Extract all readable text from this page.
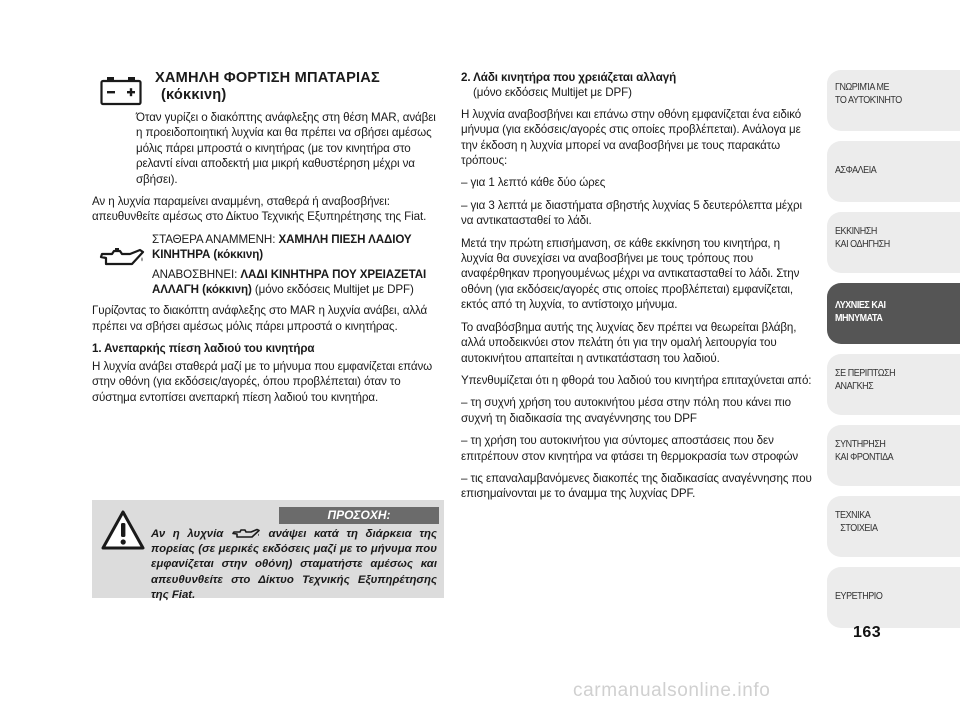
ΧΑΜΗΛΗ ΦΟΡΤΙΣΗ ΜΠΑΤΑΡΙΑΣ
(κόκκινη)

Όταν γυρίζει ο διακόπτης ανάφλεξης στη θέση MAR, ανάβει η προειδοποιητική λυχνία και θα πρέπει να σβήσει αμέσως μόλις πάρει μπροστά ο κινητήρας (με τον κινητήρα στο ρελαντί είναι αποδεκτή μια μικρή καθυστέρηση μέχρι να σβήσει).

Αν η λυχνία παραμείνει αναμμένη, σταθερά ή αναβοσβήνει: απευθυνθείτε αμέσως στο Δίκτυο Τεχνικής Εξυπηρέτησης της Fiat.

ΣΤΑΘΕΡΑ ΑΝΑΜΜΕΝΗ: ΧΑΜΗΛΗ ΠΙΕΣΗ ΛΑΔΙΟΥ ΚΙΝΗΤΗΡΑ (κόκκινη)

ΑΝΑΒΟΣΒΗΝΕΙ: ΛΑΔΙ ΚΙΝΗΤΗΡΑ ΠΟΥ ΧΡΕΙΑΖΕΤΑΙ ΑΛΛΑΓΗ (κόκκινη) (μόνο εκδόσεις Multijet με DPF)

Γυρίζοντας το διακόπτη ανάφλεξης στο MAR η λυχνία ανάβει, αλλά πρέπει να σβήσει αμέσως μόλις πάρει μπροστά ο κινητήρας.

1. Ανεπαρκής πίεση λαδιού του κινητήρα

Η λυχνία ανάβει σταθερά μαζί με το μήνυμα που εμφανίζεται επάνω στην οθόνη (για εκδόσεις/αγορές, όπου προβλέπεται) όταν το σύστημα εντοπίσει ανεπαρκή πίεση λαδιού του κινητήρα.

ΠΡΟΣΟΧΗ:
Αν η λυχνία	ανάψει κατά τη διάρκεια της πορείας (σε μερικές εκδόσεις μαζί με το μήνυμα που εμφανίζεται στην οθόνη) σταματήστε αμέσως και απευθυνθείτε στο Δίκτυο Τεχνικής Εξυπηρέτησης της Fiat.

2. Λάδι κινητήρα που χρειάζεται αλλαγή

(μόνο εκδόσεις Multijet με DPF)

Η λυχνία αναβοσβήνει και επάνω στην οθόνη εμφανίζεται ένα ειδικό μήνυμα (για εκδόσεις/αγορές στις οποίες προβλέπεται). Ανάλογα με την έκδοση η λυχνία μπορεί να αναβοσβήνει με τους παρακάτω τρόπους:

– για 1 λεπτό κάθε δύο ώρες

– για 3 λεπτά με διαστήματα σβηστής λυχνίας 5 δευτερόλεπτα μέχρι να αντικατασταθεί το λάδι.

Μετά την πρώτη επισήμανση, σε κάθε εκκίνηση του κινητήρα, η λυχνία θα συνεχίσει να αναβοσβήνει με τους τρόπους που αναφέρθηκαν προηγουμένως μέχρι να αντικατασταθεί το λάδι. Στην οθόνη (για εκδόσεις/αγορές στις οποίες προβλέπεται) εμφανίζεται, εκτός από τη λυχνία, το αντίστοιχο μήνυμα.

Το αναβόσβημα αυτής της λυχνίας δεν πρέπει να θεωρείται βλάβη, αλλά υποδεικνύει στον πελάτη ότι για την ομαλή λειτουργία του αυτοκινήτου απαιτείται η αντικατάσταση του λαδιού.

Υπενθυμίζεται ότι η φθορά του λαδιού του κινητήρα επιταχύνεται από:

– τη συχνή χρήση του αυτοκινήτου μέσα στην πόλη που κάνει πιο συχνή τη διαδικασία της αναγέννησης του DPF

– τη χρήση του αυτοκινήτου για σύντομες αποστάσεις που δεν επιτρέπουν στον κινητήρα να φτάσει τη θερμοκρασία των στροφών

– τις επαναλαμβανόμενες διακοπές της διαδικασίας αναγέννησης που επισημαίνονται με το άναμμα της λυχνίας DPF.

ΓΝΩΡΙΜΊΑ ΜΕ
ΤΟ ΑΥΤΟΚΊΝΗΤΟ
ΑΣΦΑΛΕΙΑ
ΕΚΚΙΝΗΣΗ
ΚΑΙ ΟΔΗΓΗΣΗ
ΛΥΧΝΙΕΣ ΚΑΙ
ΜΗΝΥΜΑΤΑ
ΣΕ ΠΕΡΙΠΤΩΣΗ
ΑΝΑΓΚΗΣ
ΣΥΝΤΗΡΗΣΗ
ΚΑΙ ΦΡΟΝΤΙΔΑ
ΤΕΧΝΙΚΑ
ΣΤΟΙΧΕΙΑ
ΕΥΡΕΤΗΡΙΟ
163
carmanualsonline.info
